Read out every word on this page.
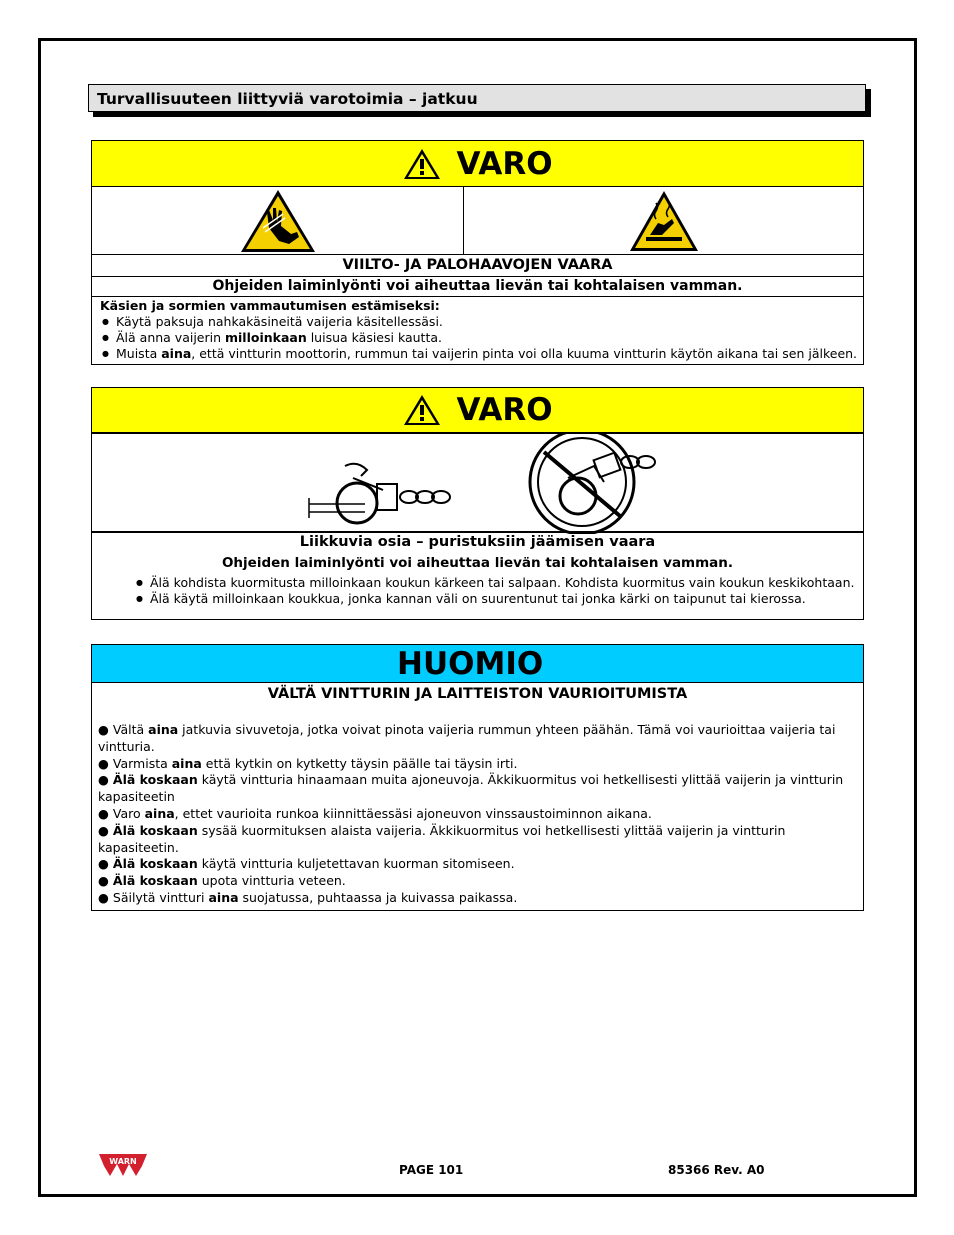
Turvallisuuteen liittyviä varotoimia – jatkuu
VARO
VIILTO- JA PALOHAAVOJEN VAARA
Ohjeiden laiminlyönti voi aiheuttaa lievän tai kohtalaisen vamman.
Käsien ja sormien vammautumisen estämiseksi:
● Käytä paksuja nahkakäsineitä vaijeria käsitellessäsi.
● Älä anna vaijerin milloinkaan luisua käsiesi kautta.
● Muista aina, että vintturin moottorin, rummun tai vaijerin pinta voi olla kuuma vintturin käytön aikana tai sen jälkeen.
VARO
Liikkuvia osia – puristuksiin jäämisen vaara
Ohjeiden laiminlyönti voi aiheuttaa lievän tai kohtalaisen vamman.
● Älä kohdista kuormitusta milloinkaan koukun kärkeen tai salpaan. Kohdista kuormitus vain koukun keskikohtaan.
● Älä käytä milloinkaan koukkua, jonka kannan väli on suurentunut tai jonka kärki on taipunut tai kierossa.
HUOMIO
VÄLTÄ VINTTURIN JA LAITTEISTON VAURIOITUMISTA
● Vältä aina jatkuvia sivuvetoja, jotka voivat pinota vaijeria rummun yhteen päähän. Tämä voi vaurioittaa vaijeria tai vintturia.
● Varmista aina että kytkin on kytketty täysin päälle tai täysin irti.
● Älä koskaan käytä vintturia hinaamaan muita ajoneuvoja. Äkkikuormitus voi hetkellisesti ylittää vaijerin ja vintturin kapasiteetin
● Varo aina, ettet vaurioita runkoa kiinnittäessäsi ajoneuvon vinssaustoiminnon aikana.
● Älä koskaan sysää kuormituksen alaista vaijeria. Äkkikuormitus voi hetkellisesti ylittää vaijerin ja vintturin kapasiteetin.
● Älä koskaan käytä vintturia kuljetettavan kuorman sitomiseen.
● Älä koskaan upota vintturia veteen.
● Säilytä vintturi aina suojatussa, puhtaassa ja kuivassa paikassa.
WARN
PAGE 101	85366 Rev. A0
